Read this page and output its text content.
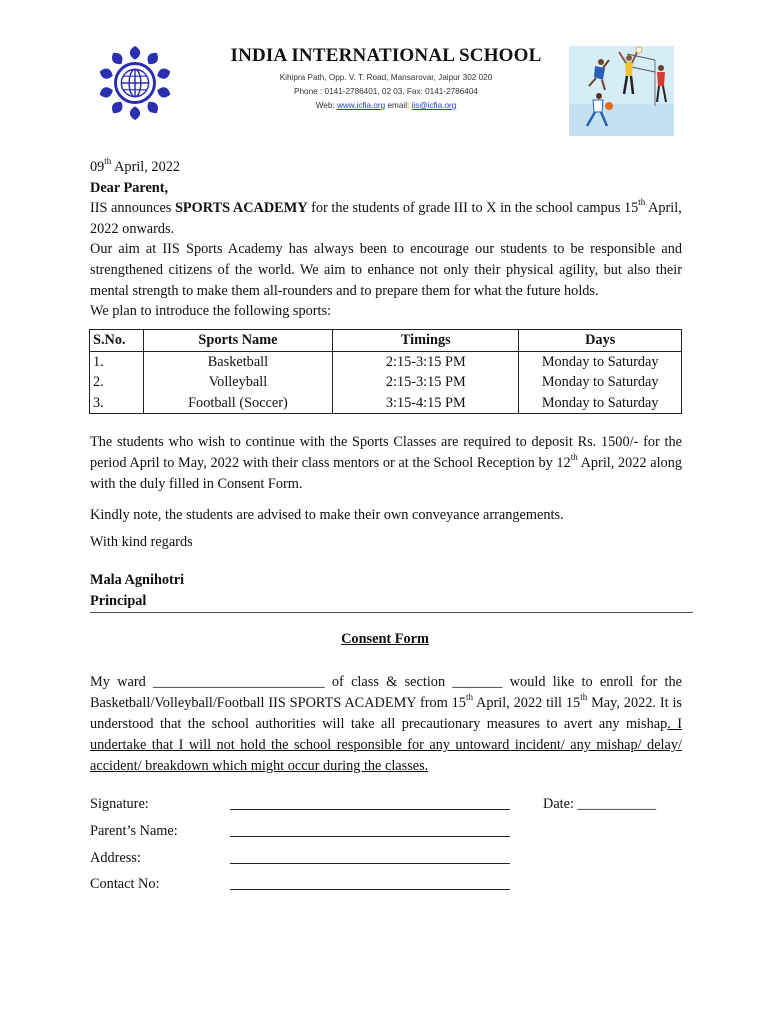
INDIA INTERNATIONAL SCHOOL
Kihipra Path, Opp. V. T. Road, Mansarovar, Jaipur 302 020
Phone : 0141-2786401, 02 03, Fax: 0141-2786404
Web: www.icfia.org email: iis@icfia.org
09th April, 2022
Dear Parent,
IIS announces SPORTS ACADEMY for the students of grade III to X in the school campus 15th April, 2022 onwards.
Our aim at IIS Sports Academy has always been to encourage our students to be responsible and strengthened citizens of the world. We aim to enhance not only their physical agility, but also their mental strength to make them all-rounders and to prepare them for what the future holds.
We plan to introduce the following sports:
S.No.	Sports Name	Timings	Days
1.	Basketball	2:15-3:15 PM	Monday to Saturday
2.	Volleyball	2:15-3:15 PM	Monday to Saturday
3.	Football (Soccer)	3:15-4:15 PM	Monday to Saturday
The students who wish to continue with the Sports Classes are required to deposit Rs. 1500/- for the period April to May, 2022 with their class mentors or at the School Reception by 12th April, 2022 along with the duly filled in Consent Form.
Kindly note, the students are advised to make their own conveyance arrangements.
With kind regards
Mala Agnihotri
Principal
Consent Form
My ward ________________________ of class & section _______ would like to enroll for the Basketball/Volleyball/Football IIS SPORTS ACADEMY from 15th April, 2022 till 15th May, 2022. It is understood that the school authorities will take all precautionary measures to avert any mishap. I undertake that I will not hold the school responsible for any untoward incident/ any mishap/ delay/ accident/ breakdown which might occur during the classes.
Signature:	Date: ___________
Parent’s Name:
Address:
Contact No:
